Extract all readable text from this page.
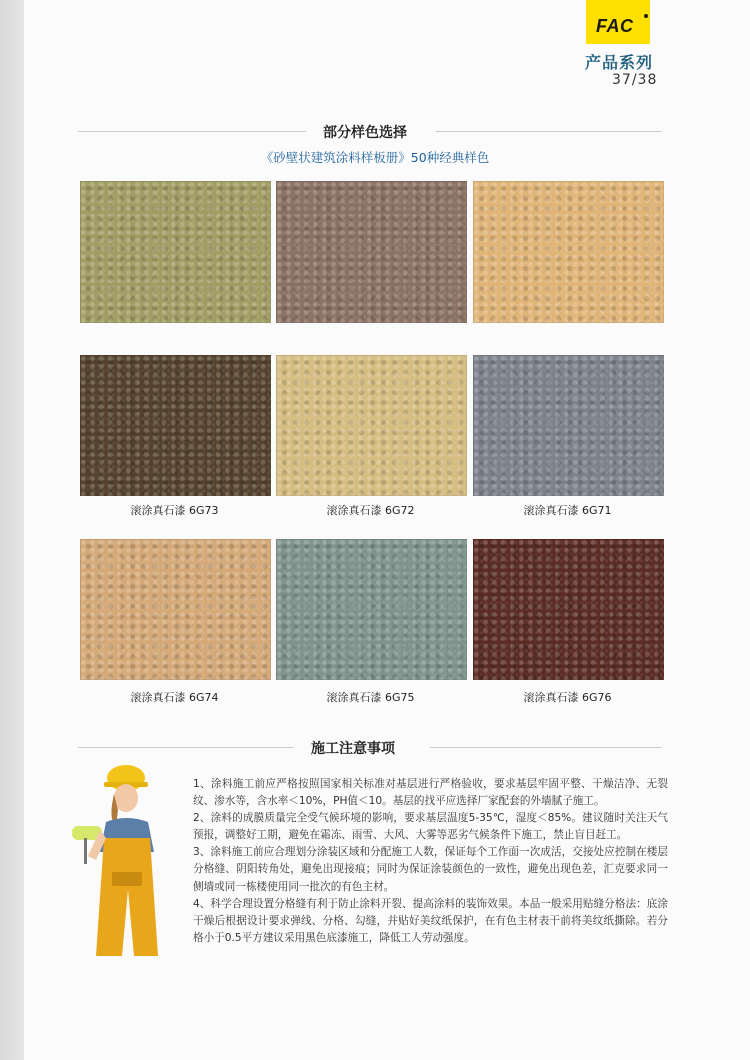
FAC
产品系列
37/38
部分样色选择
《砂壁状建筑涂料样板册》50种经典样色
滚涂真石漆 6G73	滚涂真石漆 6G72	滚涂真石漆 6G71
滚涂真石漆 6G74	滚涂真石漆 6G75	滚涂真石漆 6G76
施工注意事项

1、涂料施工前应严格按照国家相关标准对基层进行严格验收，要求基层牢固平整、干燥洁净、无裂纹、渗水等，含水率＜10%，PH值＜10。基层的找平应选择厂家配套的外墙腻子施工。

2、涂料的成膜质量完全受气候环境的影响，要求基层温度5-35℃，湿度＜85%。建议随时关注天气预报，调整好工期，避免在霜冻、雨雪、大风、大雾等恶劣气候条件下施工，禁止盲目赶工。

3、涂料施工前应合理划分涂装区域和分配施工人数，保证每个工作面一次成活，交接处应控制在楼层分格缝、阴阳转角处，避免出现接痕；同时为保证涂装颜色的一致性，避免出现色差，汇克要求同一侧墙或同一栋楼使用同一批次的有色主材。

4、科学合理设置分格缝有利于防止涂料开裂、提高涂料的装饰效果。本品一般采用贴缝分格法：底涂干燥后根据设计要求弹线、分格、勾缝，并贴好美纹纸保护，在有色主材表干前将美纹纸撕除。若分格小于0.5平方建议采用黑色底漆施工，降低工人劳动强度。
